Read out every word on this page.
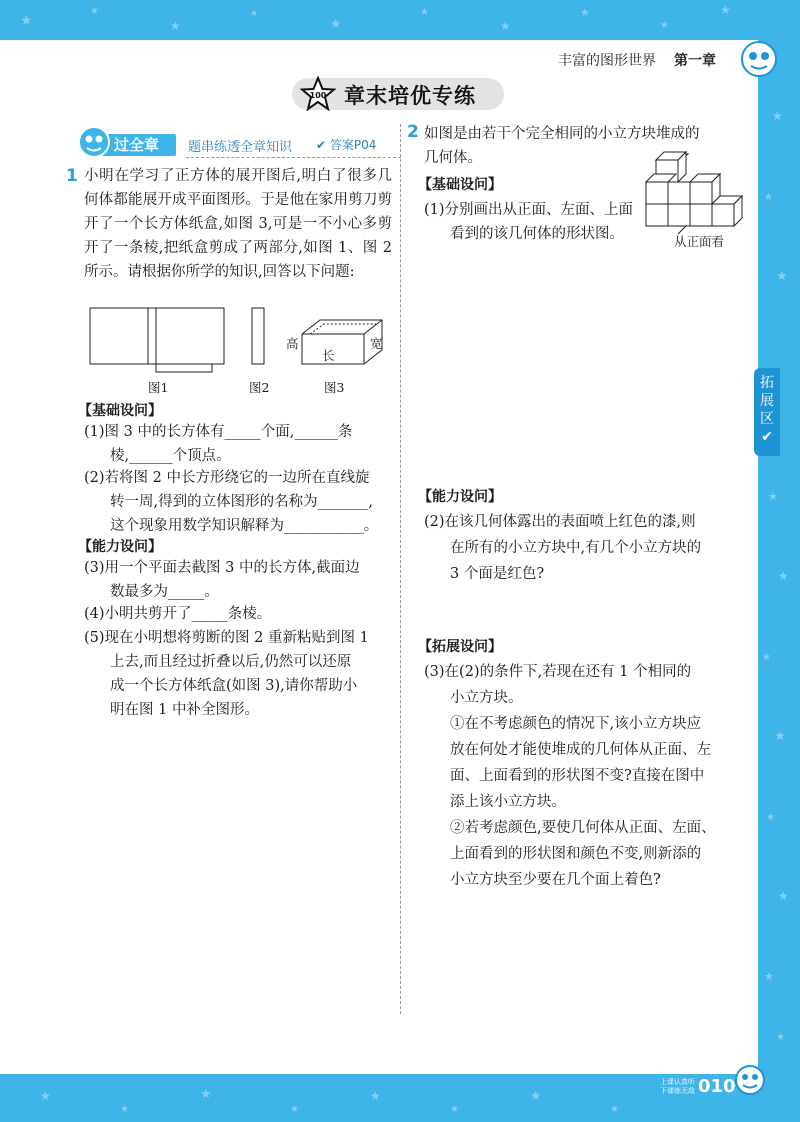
★
★
★
★
★
★
★
★
★
★
★
★
★
★
★
★
★
★
★
★
★
★
★
★
★
★
★
★
★
丰富的图形世界 第一章
100 章末培优专练
过全章	题串练透全章知识 ✔ 答案P04
1 小明在学习了正方体的展开图后,明白了很多几何体都能展开成平面图形。于是他在家用剪刀剪开了一个长方体纸盒,如图 3,可是一不小心多剪开了一条棱,把纸盒剪成了两部分,如图 1、图 2 所示。请根据你所学的知识,回答以下问题:
高
长
宽
图1	图2	图3
【基础设问】
(1)图 3 中的长方体有_____个面,______条
棱,______个顶点。
(2)若将图 2 中长方形绕它的一边所在直线旋
转一周,得到的立体图形的名称为_______,
这个现象用数学知识解释为___________。
【能力设问】
(3)用一个平面去截图 3 中的长方体,截面边
数最多为_____。
(4)小明共剪开了_____条棱。
(5)现在小明想将剪断的图 2 重新粘贴到图 1
上去,而且经过折叠以后,仍然可以还原
成一个长方体纸盒(如图 3),请你帮助小
明在图 1 中补全图形。
2 如图是由若干个完全相同的小立方块堆成的
几何体。
【基础设问】
(1)分别画出从正面、左面、上面
看到的该几何体的形状图。	从正面看
【能力设问】
(2)在该几何体露出的表面喷上红色的漆,则
在所有的小立方块中,有几个小立方块的
3 个面是红色?
【拓展设问】
(3)在(2)的条件下,若现在还有 1 个相同的
小立方块。
①在不考虑颜色的情况下,该小立方块应
放在何处才能使堆成的几何体从正面、左
面、上面看到的形状图不变?直接在图中
添上该小立方块。
②若考虑颜色,要使几何体从正面、左面、
上面看到的形状图和颜色不变,则新添的
小立方块至少要在几个面上着色?
拓
展
区
✔
上课认真听
下课练无敌 010
